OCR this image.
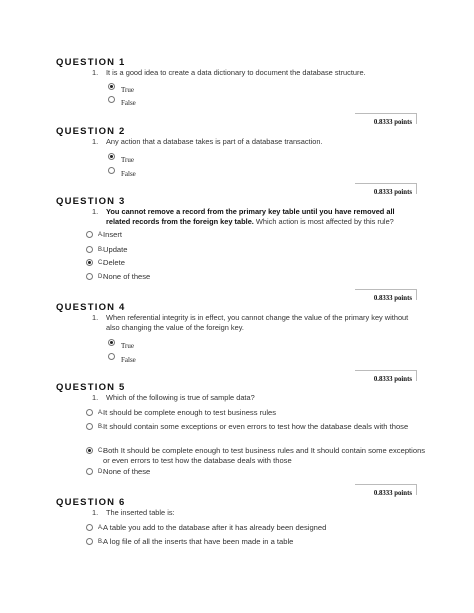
QUESTION 1
1.	It is a good idea to create a data dictionary to document the database structure.
True
False
0.8333 points
QUESTION 2
1.	Any action that a database takes is part of a database transaction.
True
False
0.8333 points
QUESTION 3
1.	You cannot remove a record from the primary key table until you have removed all related records from the foreign key table. Which action is most affected by this rule?
A. Insert
B. Update
C. Delete
D. None of these
0.8333 points
QUESTION 4
1.	When referential integrity is in effect, you cannot change the value of the primary key without also changing the value of the foreign key.
True
False
0.8333 points
QUESTION 5
1.	Which of the following is true of sample data?
A. It should be complete enough to test business rules
B. It should contain some exceptions or even errors to test how the database deals with those
C. Both It should be complete enough to test business rules and It should contain some exceptions or even errors to test how the database deals with those
D. None of these
0.8333 points
QUESTION 6
1.	The inserted table is:
A. A table you add to the database after it has already been designed
B. A log file of all the inserts that have been made in a table
